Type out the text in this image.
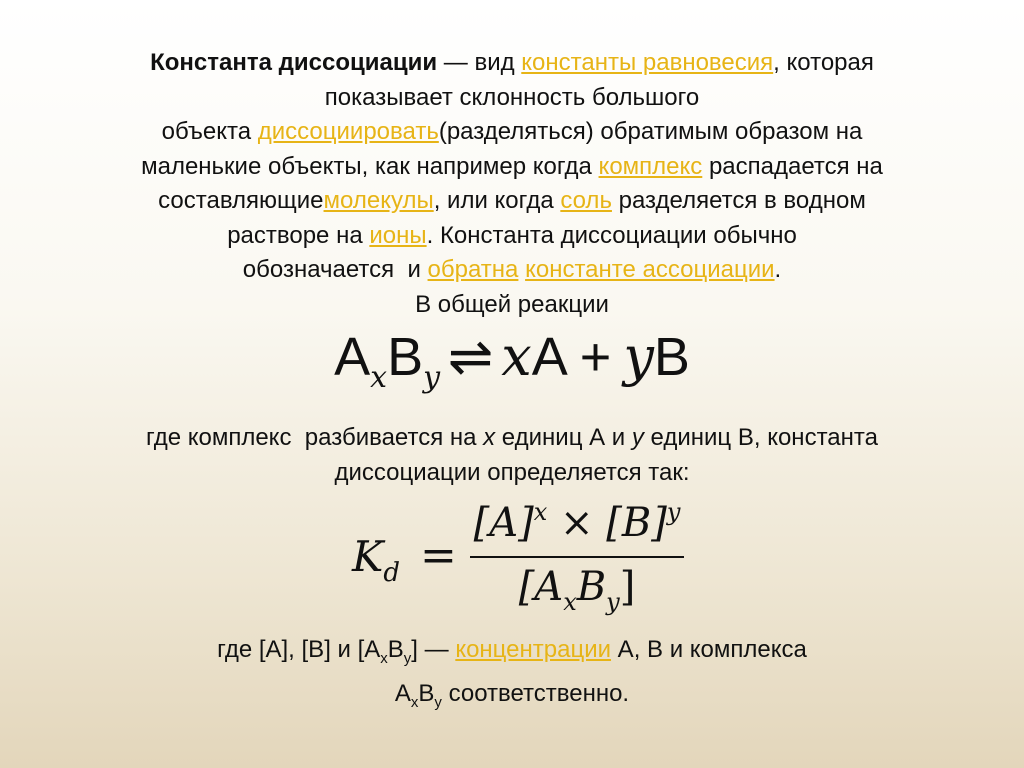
Константа диссоциации — вид константы равновесия, которая
показывает склонность большого
объекта диссоциировать(разделяться) обратимым образом на
маленькие объекты, как например когда комплекс распадается на
составляющиемолекулы, или когда соль разделяется в водном
растворе на ионы. Константа диссоциации обычно
обозначается  и обратна константе ассоциации.
В общей реакции
$A_xB_y$ ⇌ xA + yB
где комплекс  разбивается на x единиц А и y единиц В, константа
диссоциации определяется так:
$K_d$ =
$[A]^x \times [B]^y$
$[A_xB_y]$
где [A], [B] и $[A_xB_y]$ — концентрации А, В и комплекса
$A_xB_y$ соответственно.
